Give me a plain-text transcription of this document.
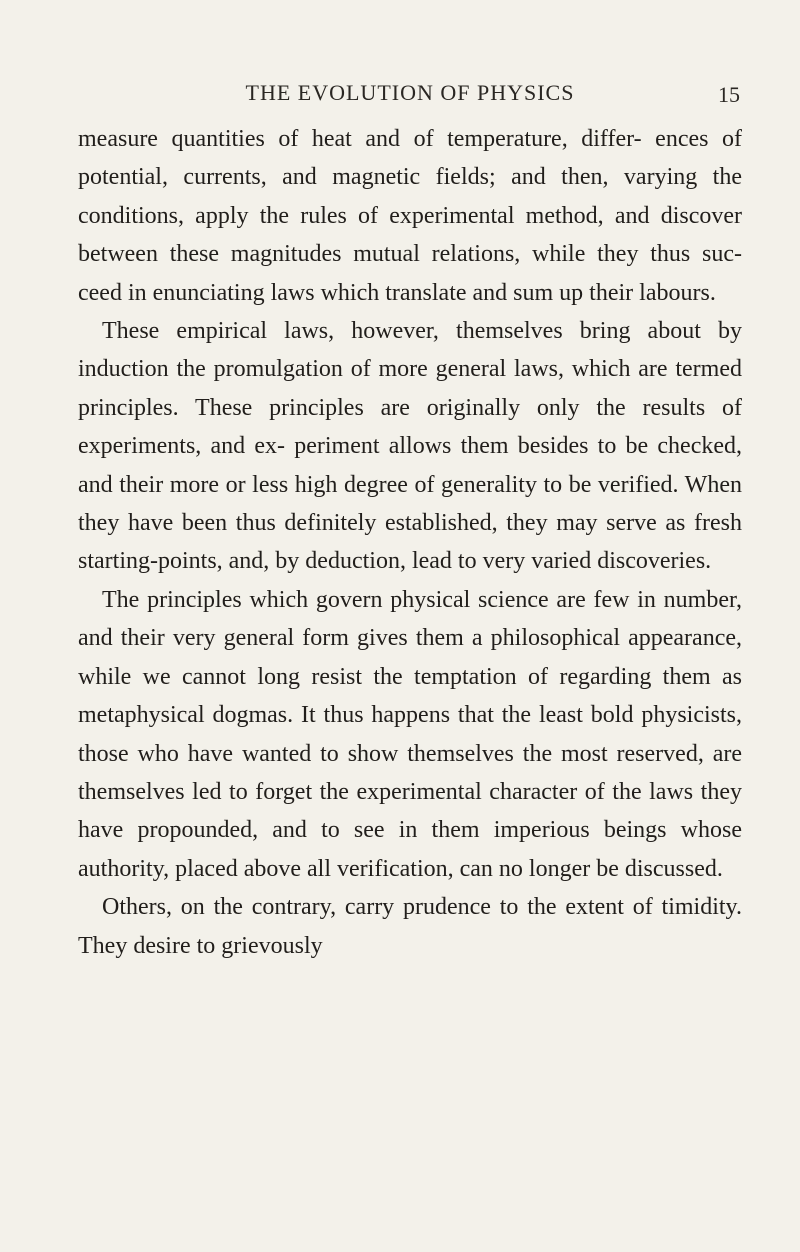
THE EVOLUTION OF PHYSICS	15

measure quantities of heat and of temperature, differ- ences of potential, currents, and magnetic fields; and then, varying the conditions, apply the rules of experimental method, and discover between these magnitudes mutual relations, while they thus suc- ceed in enunciating laws which translate and sum up their labours.

These empirical laws, however, themselves bring about by induction the promulgation of more general laws, which are termed principles. These principles are originally only the results of experiments, and ex- periment allows them besides to be checked, and their more or less high degree of generality to be verified. When they have been thus definitely established, they may serve as fresh starting-points, and, by deduction, lead to very varied discoveries.

The principles which govern physical science are few in number, and their very general form gives them a philosophical appearance, while we cannot long resist the temptation of regarding them as metaphysical dogmas. It thus happens that the least bold physicists, those who have wanted to show themselves the most reserved, are themselves led to forget the experimental character of the laws they have propounded, and to see in them imperious beings whose authority, placed above all verification, can no longer be discussed.

Others, on the contrary, carry prudence to the extent of timidity. They desire to grievously
